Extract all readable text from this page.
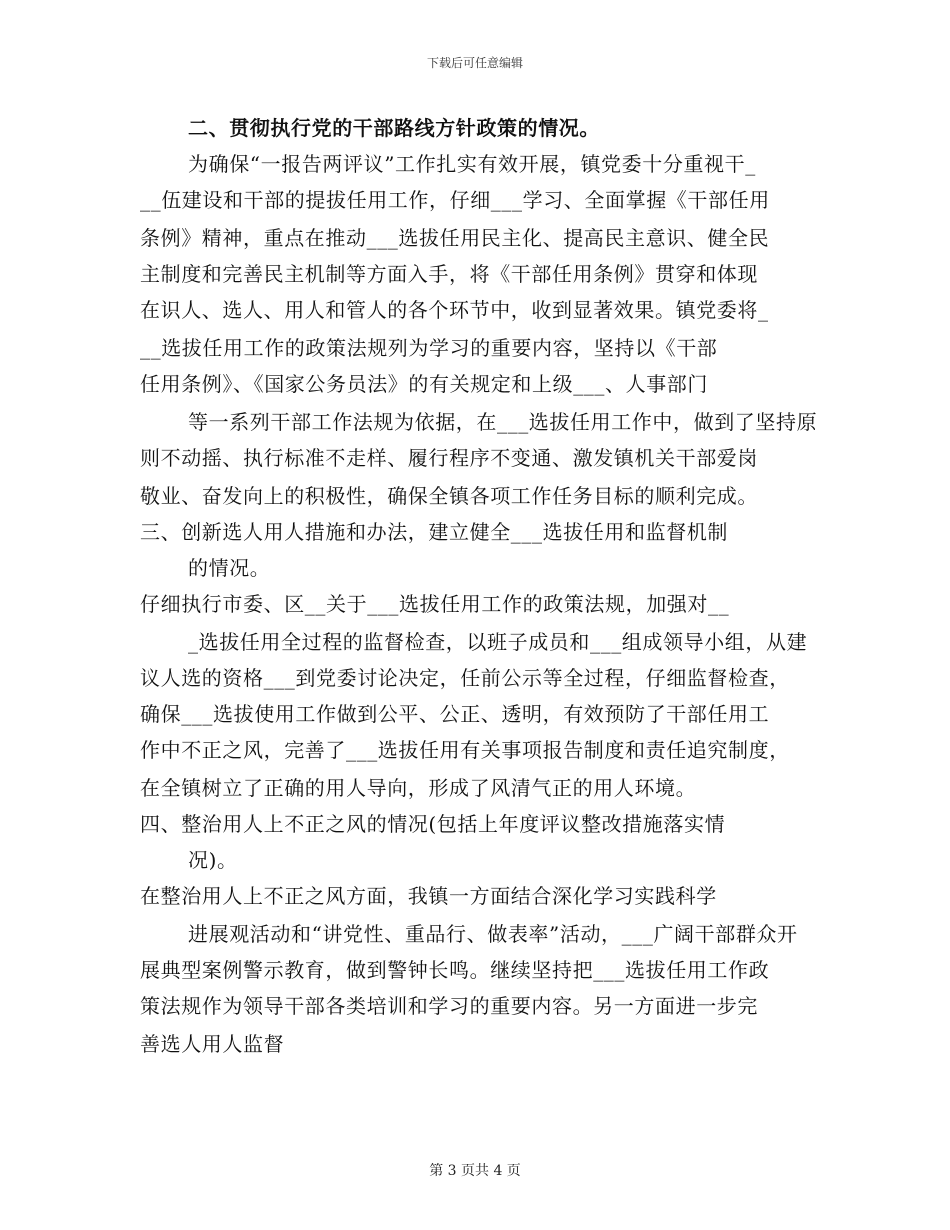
下载后可任意编辑
二、贯彻执行党的干部路线方针政策的情况。
为确保“一报告两评议”工作扎实有效开展，镇党委十分重视干_
__伍建设和干部的提拔任用工作，仔细___学习、全面掌握《干部任用
条例》精神，重点在推动___选拔任用民主化、提高民主意识、健全民
主制度和完善民主机制等方面入手，将《干部任用条例》贯穿和体现
在识人、选人、用人和管人的各个环节中，收到显著效果。镇党委将_
__选拔任用工作的政策法规列为学习的重要内容，坚持以《干部
任用条例》、《国家公务员法》的有关规定和上级___、人事部门
等一系列干部工作法规为依据，在___选拔任用工作中，做到了坚持原
则不动摇、执行标准不走样、履行程序不变通、激发镇机关干部爱岗
敬业、奋发向上的积极性，确保全镇各项工作任务目标的顺利完成。
三、创新选人用人措施和办法，建立健全___选拔任用和监督机制
的情况。
仔细执行市委、区__关于___选拔任用工作的政策法规，加强对__
_选拔任用全过程的监督检查，以班子成员和___组成领导小组，从建
议人选的资格___到党委讨论决定，任前公示等全过程，仔细监督检查，
确保___选拔使用工作做到公平、公正、透明，有效预防了干部任用工
作中不正之风，完善了___选拔任用有关事项报告制度和责任追究制度，
在全镇树立了正确的用人导向，形成了风清气正的用人环境。
四、整治用人上不正之风的情况(包括上年度评议整改措施落实情
况)。
在整治用人上不正之风方面，我镇一方面结合深化学习实践科学
进展观活动和“讲党性、重品行、做表率”活动，___广阔干部群众开
展典型案例警示教育，做到警钟长鸣。继续坚持把___选拔任用工作政
策法规作为领导干部各类培训和学习的重要内容。另一方面进一步完
善选人用人监督
第 3 页共 4 页
